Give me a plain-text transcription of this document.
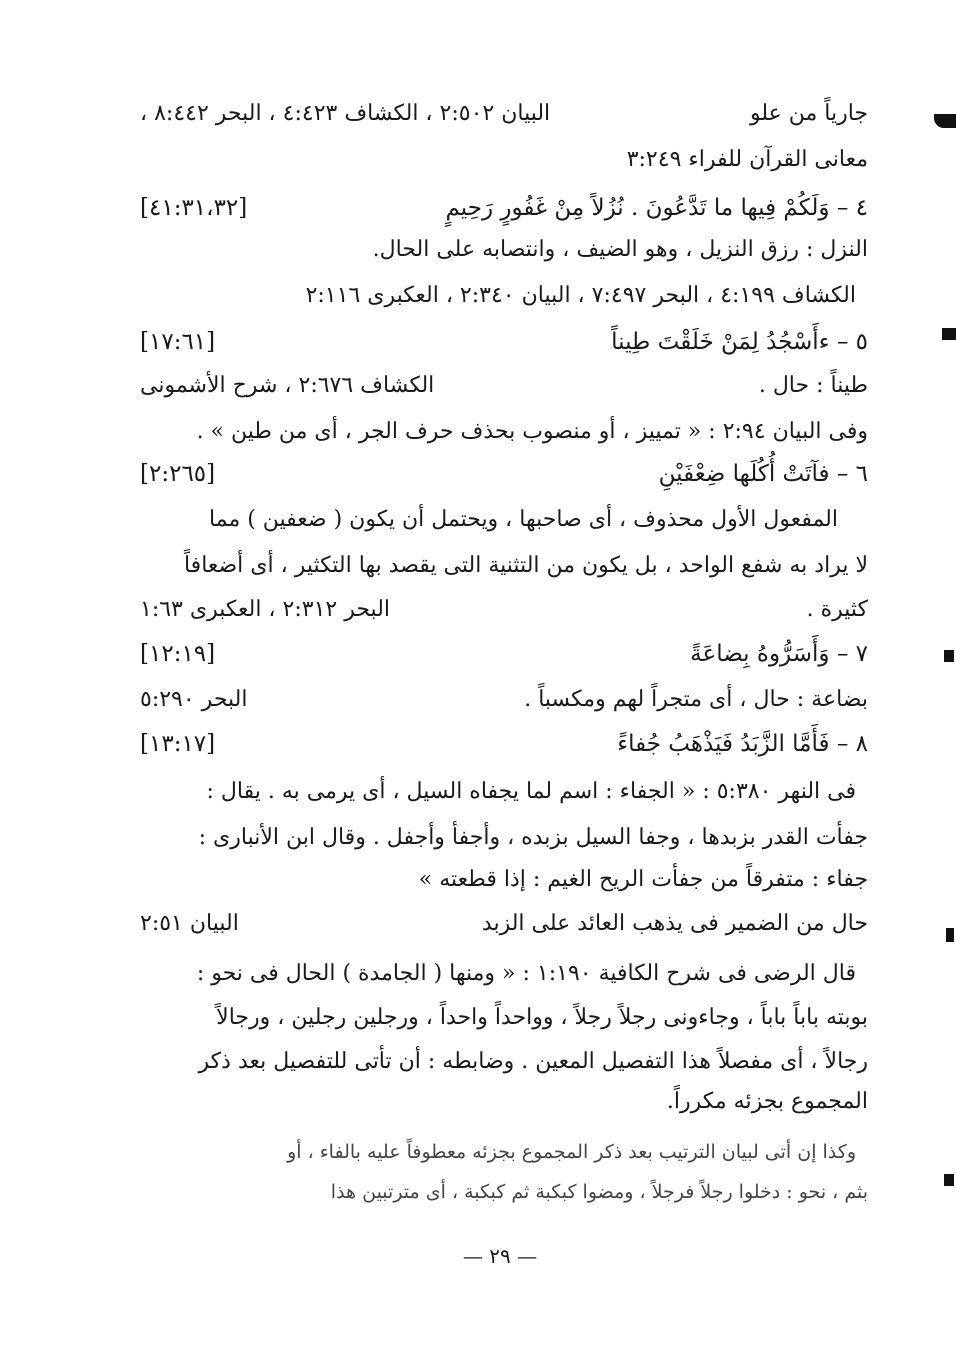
جارياً من علو
البيان ٢:٥٠٢ ، الكشاف ٤:٤٢٣ ، البحر ٨:٤٤٢ ،
معانى القرآن للفراء ٣:٢٤٩
٤ – وَلَكُمْ فِيها ما تَدَّعُونَ . نُزُلاً مِنْ غَفُورٍ رَحِيمٍ
[٤١:٣١،٣٢]
النزل : رزق النزيل ، وهو الضيف ، وانتصابه على الحال.
الكشاف ٤:١٩٩ ، البحر ٧:٤٩٧ ، البيان ٢:٣٤٠ ، العكبرى ٢:١١٦
٥ – ءأَسْجُدُ لِمَنْ خَلَقْتَ طِيناً
[١٧:٦١]
طيناً : حال .
الكشاف ٢:٦٧٦ ، شرح الأشمونى
وفى البيان ٢:٩٤ : « تمييز ، أو منصوب بحذف حرف الجر ، أى من طين » .
٦ – فآتَتْ أُكُلَها ضِعْفَيْنِ
[٢:٢٦٥]
المفعول الأول محذوف ، أى صاحبها ، ويحتمل أن يكون ( ضعفين ) مما
لا يراد به شفع الواحد ، بل يكون من التثنية التى يقصد بها التكثير ، أى أضعافاً
كثيرة .
البحر ٢:٣١٢ ، العكبرى ١:٦٣
٧ – وَأَسَرُّوهُ بِضاعَةً
[١٢:١٩]
بضاعة : حال ، أى متجراً لهم ومكسباً .
البحر ٥:٢٩٠
٨ – فَأَمَّا الزَّبَدُ فَيَذْهَبُ جُفاءً
[١٣:١٧]
فى النهر ٥:٣٨٠ : « الجفاء : اسم لما يجفاه السيل ، أى يرمى به . يقال :
جفأت القدر بزبدها ، وجفا السيل بزبده ، وأجفأ وأجفل . وقال ابن الأنبارى :
جفاء : متفرقاً من جفأت الريح الغيم : إذا قطعته »
حال من الضمير فى يذهب العائد على الزبد
البيان ٢:٥١
قال الرضى فى شرح الكافية ١:١٩٠ : « ومنها ( الجامدة ) الحال فى نحو :
بوبته باباً باباً ، وجاءونى رجلاً رجلاً ، وواحداً واحداً ، ورجلين رجلين ، ورجالاً
رجالاً ، أى مفصلاً هذا التفصيل المعين . وضابطه : أن تأتى للتفصيل بعد ذكر
المجموع بجزئه مكرراً.
وكذا إن أتى لبيان الترتيب بعد ذكر المجموع بجزئه معطوفاً عليه بالفاء ، أو
بثم ، نحو : دخلوا رجلاً فرجلاً ، ومضوا كبكبة ثم كبكبة ، أى مترتبين هذا
— ٢٩ —
